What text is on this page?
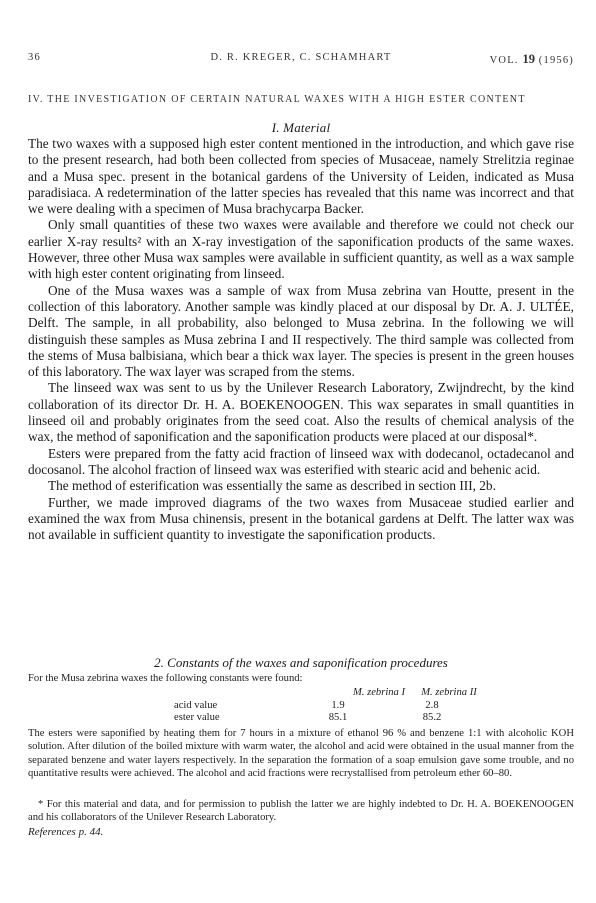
36	D. R. KREGER, C. SCHAMHART	VOL. 19 (1956)
IV. THE INVESTIGATION OF CERTAIN NATURAL WAXES WITH A HIGH ESTER CONTENT
I. Material

The two waxes with a supposed high ester content mentioned in the introduction, and which gave rise to the present research, had both been collected from species of Musaceae, namely Strelitzia reginae and a Musa spec. present in the botanical gardens of the University of Leiden, indicated as Musa paradisiaca. A redetermination of the latter species has revealed that this name was incorrect and that we were dealing with a specimen of Musa brachycarpa Backer.

Only small quantities of these two waxes were available and therefore we could not check our earlier X-ray results² with an X-ray investigation of the saponification products of the same waxes. However, three other Musa wax samples were available in sufficient quantity, as well as a wax sample with high ester content originating from linseed.

One of the Musa waxes was a sample of wax from Musa zebrina van Houtte, present in the collection of this laboratory. Another sample was kindly placed at our disposal by Dr. A. J. ULTÉE, Delft. The sample, in all probability, also belonged to Musa zebrina. In the following we will distinguish these samples as Musa zebrina I and II respectively. The third sample was collected from the stems of Musa balbisiana, which bear a thick wax layer. The species is present in the green houses of this laboratory. The wax layer was scraped from the stems.

The linseed wax was sent to us by the Unilever Research Laboratory, Zwijndrecht, by the kind collaboration of its director Dr. H. A. BOEKENOOGEN. This wax separates in small quantities in linseed oil and probably originates from the seed coat. Also the results of chemical analysis of the wax, the method of saponification and the saponification products were placed at our disposal*.

Esters were prepared from the fatty acid fraction of linseed wax with dodecanol, octadecanol and docosanol. The alcohol fraction of linseed wax was esterified with stearic acid and behenic acid.

The method of esterification was essentially the same as described in section III, 2b.

Further, we made improved diagrams of the two waxes from Musaceae studied earlier and examined the wax from Musa chinensis, present in the botanical gardens at Delft. The latter wax was not available in sufficient quantity to investigate the saponification products.

2. Constants of the waxes and saponification procedures
For the Musa zebrina waxes the following constants were found:
M. zebrina I M. zebrina II
acid value	1.9	2.8
ester value	85.1	85.2
The esters were saponified by heating them for 7 hours in a mixture of ethanol 96 % and benzene 1:1 with alcoholic KOH solution. After dilution of the boiled mixture with warm water, the alcohol and acid were obtained in the usual manner from the separated benzene and water layers respectively. In the separation the formation of a soap emulsion gave some trouble, and no quantitative results were achieved. The alcohol and acid fractions were recrystallised from petroleum ether 60–80.

* For this material and data, and for permission to publish the latter we are highly indebted to Dr. H. A. BOEKENOOGEN and his collaborators of the Unilever Research Laboratory.

References p. 44.
